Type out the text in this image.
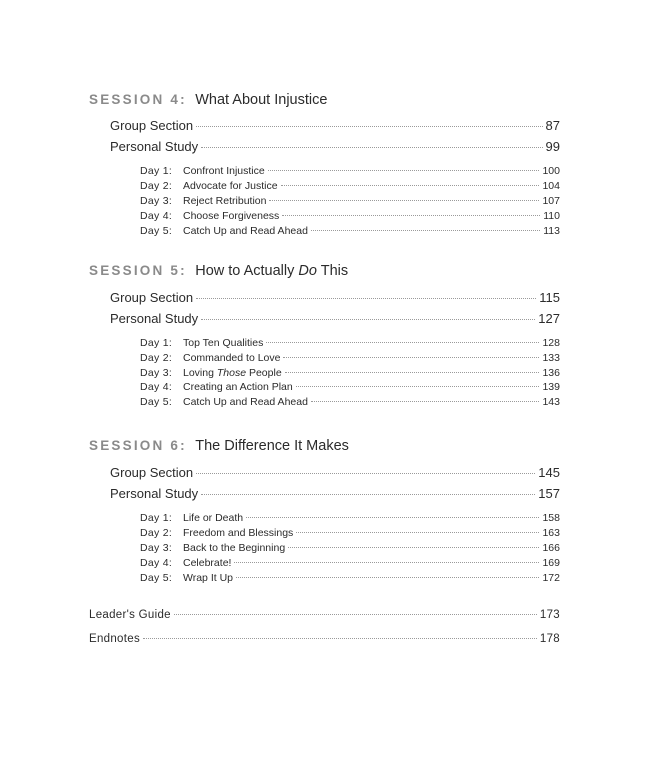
SESSION 4: What About Injustice
Group Section	87
Personal Study	99
Day 1: Confront Injustice	100
Day 2: Advocate for Justice	104
Day 3: Reject Retribution	107
Day 4: Choose Forgiveness	110
Day 5: Catch Up and Read Ahead	113
SESSION 5: How to Actually Do This
Group Section	115
Personal Study	127
Day 1: Top Ten Qualities	128
Day 2: Commanded to Love	133
Day 3: Loving Those People	136
Day 4: Creating an Action Plan	139
Day 5: Catch Up and Read Ahead	143
SESSION 6: The Difference It Makes
Group Section	145
Personal Study	157
Day 1: Life or Death	158
Day 2: Freedom and Blessings	163
Day 3: Back to the Beginning	166
Day 4: Celebrate!	169
Day 5: Wrap It Up	172
Leader's Guide	173
Endnotes	178
